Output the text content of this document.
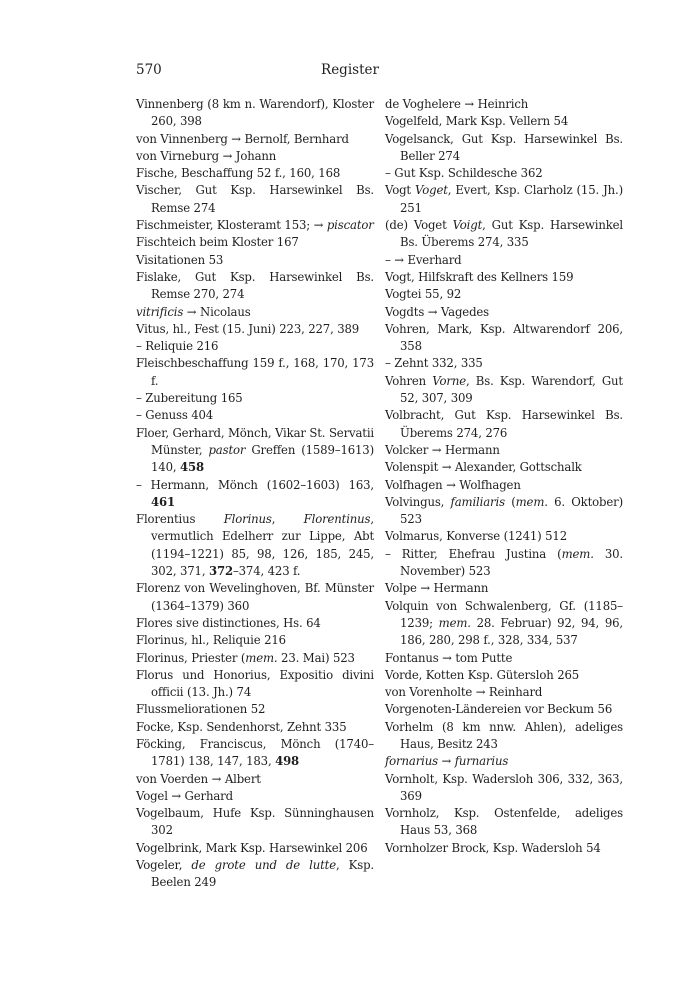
570	Register
Vinnenberg (8 km n. Warendorf), Kloster 260, 398
von Vinnenberg → Bernolf, Bernhard
von Virneburg → Johann
Fische, Beschaffung 52 f., 160, 168
Vischer, Gut Ksp. Harsewinkel Bs. Remse 274
Fischmeister, Klosteramt 153; → piscator
Fischteich beim Kloster 167
Visitationen 53
Fislake, Gut Ksp. Harsewinkel Bs. Remse 270, 274
vitrificis → Nicolaus
Vitus, hl., Fest (15. Juni) 223, 227, 389
– Reliquie 216
Fleischbeschaffung 159 f., 168, 170, 173 f.
– Zubereitung 165
– Genuss 404
Floer, Gerhard, Mönch, Vikar St. Servatii Münster, pastor Greffen (1589–1613) 140, 458
– Hermann, Mönch (1602–1603) 163, 461
Florentius Florinus, Florentinus, vermutlich Edelherr zur Lippe, Abt (1194–1221) 85, 98, 126, 185, 245, 302, 371, 372–374, 423 f.
Florenz von Wevelinghoven, Bf. Münster (1364–1379) 360
Flores sive distinctiones, Hs. 64
Florinus, hl., Reliquie 216
Florinus, Priester (mem. 23. Mai) 523
Florus und Honorius, Expositio divini officii (13. Jh.) 74
Flussmeliorationen 52
Focke, Ksp. Sendenhorst, Zehnt 335
Föcking, Franciscus, Mönch (1740–1781) 138, 147, 183, 498
von Voerden → Albert
Vogel → Gerhard
Vogelbaum, Hufe Ksp. Sünninghausen 302
Vogelbrink, Mark Ksp. Harsewinkel 206
Vogeler, de grote und de lutte, Ksp. Beelen 249
de Voghelere → Heinrich
Vogelfeld, Mark Ksp. Vellern 54
Vogelsanck, Gut Ksp. Harsewinkel Bs. Beller 274
– Gut Ksp. Schildesche 362
Vogt Voget, Evert, Ksp. Clarholz (15. Jh.) 251
(de) Voget Voigt, Gut Ksp. Harsewinkel Bs. Überems 274, 335
– → Everhard
Vogt, Hilfskraft des Kellners 159
Vogtei 55, 92
Vogdts → Vagedes
Vohren, Mark, Ksp. Altwarendorf 206, 358
– Zehnt 332, 335
Vohren Vorne, Bs. Ksp. Warendorf, Gut 52, 307, 309
Volbracht, Gut Ksp. Harsewinkel Bs. Überems 274, 276
Volcker → Hermann
Volenspit → Alexander, Gottschalk
Volfhagen → Wolfhagen
Volvingus, familiaris (mem. 6. Oktober) 523
Volmarus, Konverse (1241) 512
– Ritter, Ehefrau Justina (mem. 30. November) 523
Volpe → Hermann
Volquin von Schwalenberg, Gf. (1185–1239; mem. 28. Februar) 92, 94, 96, 186, 280, 298 f., 328, 334, 537
Fontanus → tom Putte
Vorde, Kotten Ksp. Gütersloh 265
von Vorenholte → Reinhard
Vorgenoten-Ländereien vor Beckum 56
Vorhelm (8 km nnw. Ahlen), adeliges Haus, Besitz 243
fornarius → furnarius
Vornholt, Ksp. Wadersloh 306, 332, 363, 369
Vornholz, Ksp. Ostenfelde, adeliges Haus 53, 368
Vornholzer Brock, Ksp. Wadersloh 54
